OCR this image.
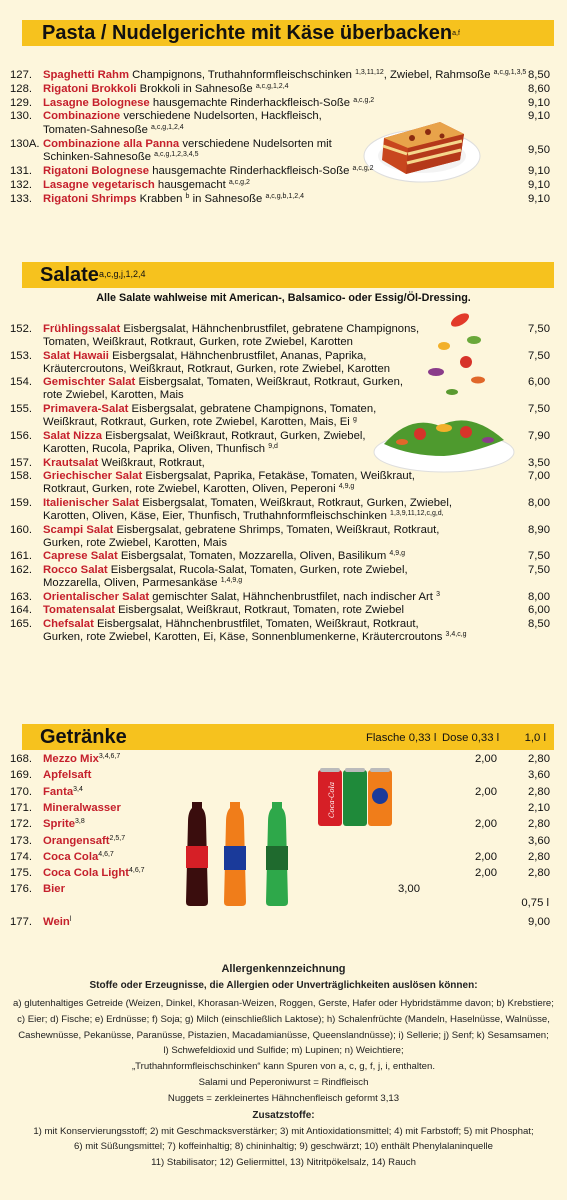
Pasta / Nudelgerichte mit Käse überbacken$^{a,f}$
127. Spaghetti Rahm Champignons, Truthahnformfleischschinken $^{1,3,11,12}$, Zwiebel, Rahmsoße $^{a,c,g,1,3,5}$ 8,50
128. Rigatoni Brokkoli Brokkoli in Sahnesoße $^{a,c,g,1,2,4}$	8,60
129. Lasagne Bolognese hausgemachte Rinderhackfleisch-Soße $^{a,c,g,2}$	9,10
130. Combinazione verschiedene Nudelsorten, Hackfleisch,
Tomaten-Sahnesoße $^{a,c,g,1,2,4}$
9,10
130A. Combinazione alla Panna verschiedene Nudelsorten mit
Schinken-Sahnesoße $^{a,c,g,1,2,3,4,5}$	9,50
131. Rigatoni Bolognese hausgemachte Rinderhackfleisch-Soße $^{a,c,g,2}$	9,10
132. Lasagne vegetarisch hausgemacht $^{a,c,g,2}$	9,10
133. Rigatoni Shrimps Krabben $^b$ in Sahnesoße $^{a,c,g,b,1,2,4}$	9,10
Salate$^{a,c,g,j,1,2,4}$
Alle Salate wahlweise mit American-, Balsamico- oder Essig/Öl-Dressing.
152. Frühlingssalat Eisbergsalat, Hähnchenbrustfilet, gebratene Champignons,
Tomaten, Weißkraut, Rotkraut, Gurken, rote Zwiebel, Karotten
7,50
153. Salat Hawaii Eisbergsalat, Hähnchenbrustfilet, Ananas, Paprika,
Kräutercroutons, Weißkraut, Rotkraut, Gurken, rote Zwiebel, Karotten
7,50
154. Gemischter Salat Eisbergsalat, Tomaten, Weißkraut, Rotkraut, Gurken,
rote Zwiebel, Karotten, Mais
6,00
155. Primavera-Salat Eisbergsalat, gebratene Champignons, Tomaten,
Weißkraut, Rotkraut, Gurken, rote Zwiebel, Karotten, Mais, Ei $^g$
7,50
156. Salat Nizza Eisbergsalat, Weißkraut, Rotkraut, Gurken, Zwiebel,
Karotten, Rucola, Paprika, Oliven, Thunfisch $^{9,d}$
7,90
157. Krautsalat Weißkraut, Rotkraut,	3,50
158. Griechischer Salat Eisbergsalat, Paprika, Fetakäse, Tomaten, Weißkraut,
Rotkraut, Gurken, rote Zwiebel, Karotten, Oliven, Peperoni $^{4,9,g}$
7,00
159. Italienischer Salat Eisbergsalat, Tomaten, Weißkraut, Rotkraut, Gurken, Zwiebel,
Karotten, Oliven, Käse, Eier, Thunfisch, Truthahnformfleischschinken $^{1,3,9,11,12,c,g,d,}$
8,00
160. Scampi Salat Eisbergsalat, gebratene Shrimps, Tomaten, Weißkraut, Rotkraut,
Gurken, rote Zwiebel, Karotten, Mais
8,90
161. Caprese Salat Eisbergsalat, Tomaten, Mozzarella, Oliven, Basilikum $^{4,9,g}$	7,50
162. Rocco Salat Eisbergsalat, Rucola-Salat, Tomaten, Gurken, rote Zwiebel,
Mozzarella, Oliven, Parmesankäse $^{1,4,9,g}$
7,50
163. Orientalischer Salat gemischter Salat, Hähnchenbrustfilet, nach indischer Art $^3$	8,00
164. Tomatensalat Eisbergsalat, Weißkraut, Rotkraut, Tomaten, rote Zwiebel	6,00
165. Chefsalat Eisbergsalat, Hähnchenbrustfilet, Tomaten, Weißkraut, Rotkraut,
Gurken, rote Zwiebel, Karotten, Ei, Käse, Sonnenblumenkerne, Kräutercroutons $^{3,4,c,g}$
8,50
Getränke	Flasche 0,33 l Dose 0,33 l 1,0 l
Coca-Cola
168. Mezzo Mix$^{3,4,6,7}$	2,00	2,80
169. Apfelsaft	3,60
170. Fanta$^{3,4}$	2,00	2,80
171. Mineralwasser	2,10
172. Sprite$^{3,8}$	2,00	2,80
173. Orangensaft$^{2,5,7}$	3,60
174. Coca Cola$^{4,6,7}$	2,00	2,80
175. Coca Cola Light$^{4,6,7}$	2,00	2,80
176. Bier	3,00
0,75 l
177. Wein$^l$	9,00
Allergenkennzeichnung
Stoffe oder Erzeugnisse, die Allergien oder Unverträglichkeiten auslösen können:
a) glutenhaltiges Getreide (Weizen, Dinkel, Khorasan-Weizen, Roggen, Gerste, Hafer oder Hybridstämme davon; b) Krebstiere;
c) Eier; d) Fische; e) Erdnüsse; f) Soja; g) Milch (einschließlich Laktose); h) Schalenfrüchte (Mandeln, Haselnüsse, Walnüsse,
Cashewnüsse, Pekanüsse, Paranüsse, Pistazien, Macadamianüsse, Queenslandnüsse); i) Sellerie; j) Senf; k) Sesamsamen;
l) Schwefeldioxid und Sulfide; m) Lupinen; n) Weichtiere;
„Truthahnformfleischschinken“ kann Spuren von a, c, g, f, j, i, enthalten.
Salami und Peperoniwurst = Rindfleisch
Nuggets = zerkleinertes Hähnchenfleisch geformt 3,13
Zusatzstoffe:
1) mit Konservierungsstoff; 2) mit Geschmacksverstärker; 3) mit Antioxidationsmittel; 4) mit Farbstoff; 5) mit Phosphat;
6) mit Süßungsmittel; 7) koffeinhaltig; 8) chininhaltig; 9) geschwärzt; 10) enthält Phenylalaninquelle
11) Stabilisator; 12) Geliermittel, 13) Nitritpökelsalz, 14) Rauch
